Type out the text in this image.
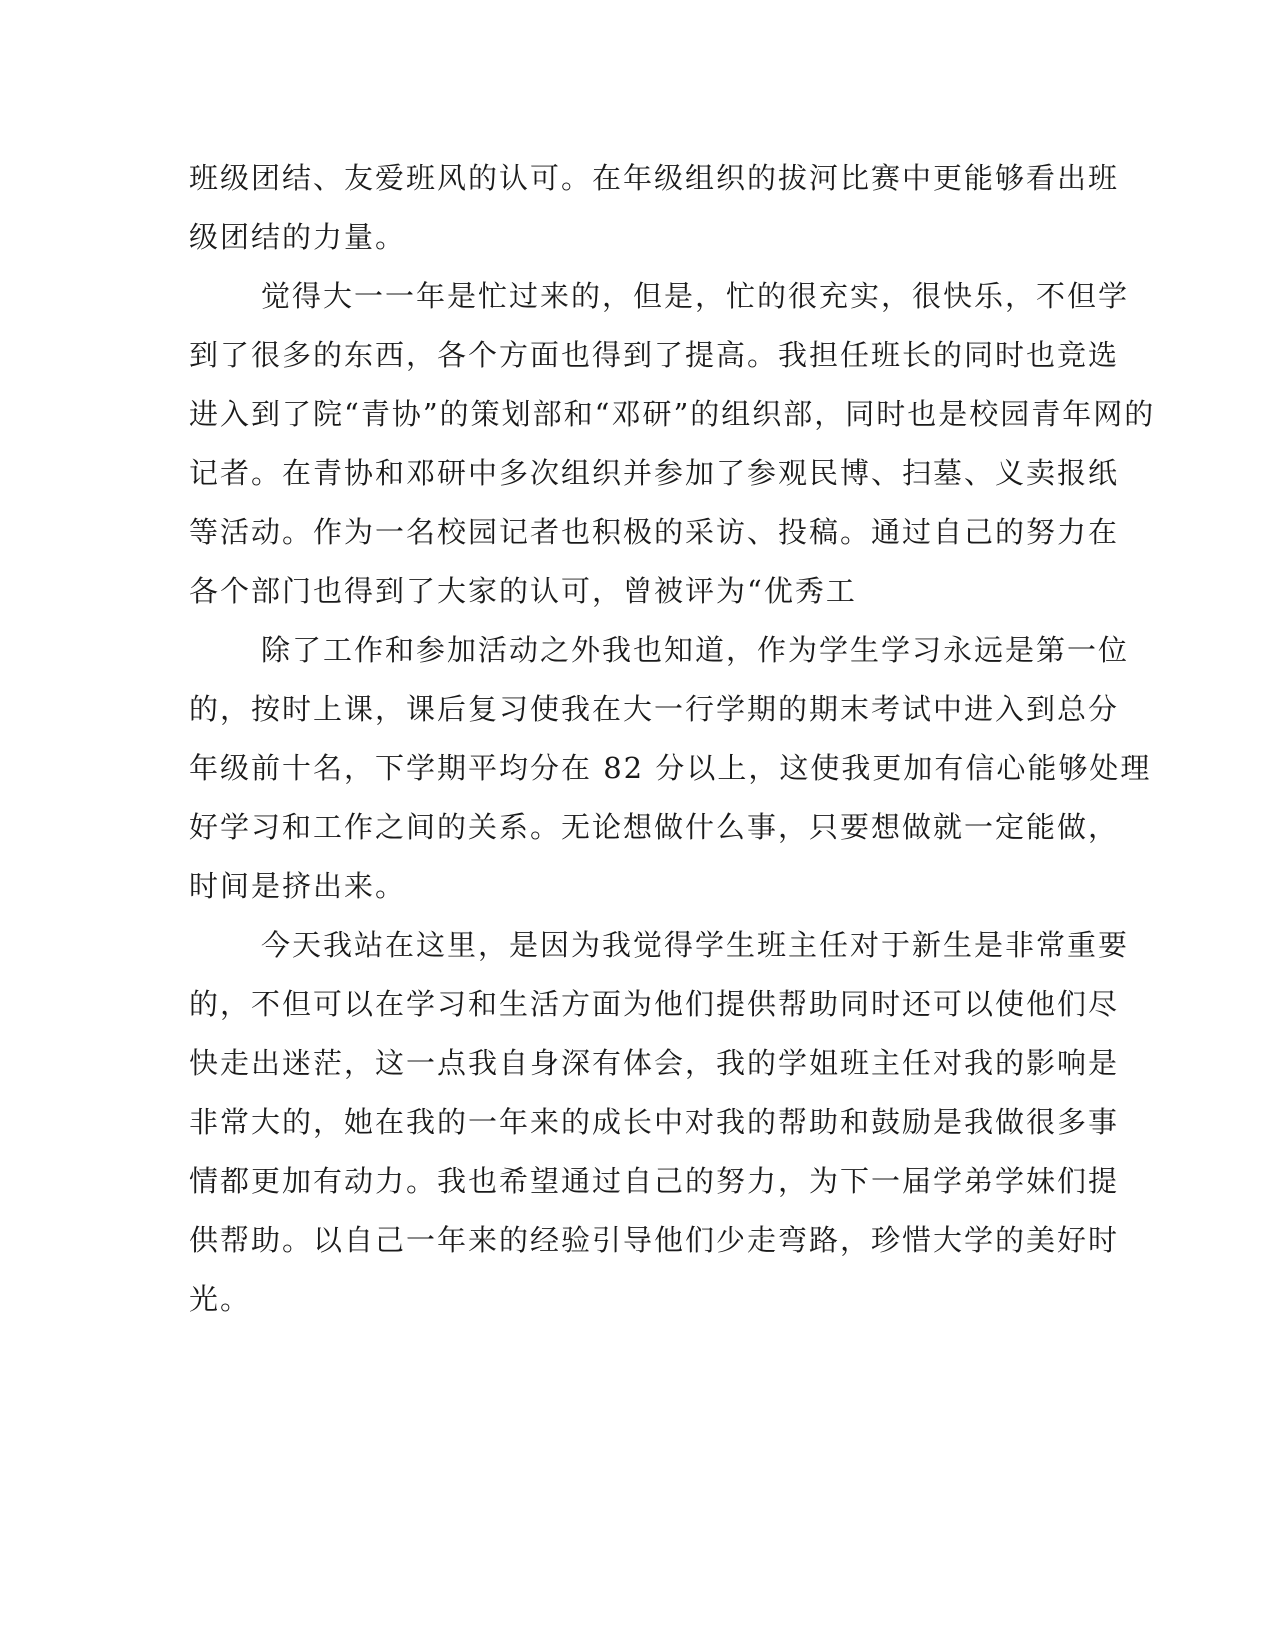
班级团结、友爱班风的认可。在年级组织的拔河比赛中更能够看出班
级团结的力量。
觉得大一一年是忙过来的，但是，忙的很充实，很快乐，不但学
到了很多的东西，各个方面也得到了提高。我担任班长的同时也竞选
进入到了院“青协”的策划部和“邓研”的组织部，同时也是校园青年网的
记者。在青协和邓研中多次组织并参加了参观民博、扫墓、义卖报纸
等活动。作为一名校园记者也积极的采访、投稿。通过自己的努力在
各个部门也得到了大家的认可，曾被评为“优秀工
除了工作和参加活动之外我也知道，作为学生学习永远是第一位
的，按时上课，课后复习使我在大一行学期的期末考试中进入到总分
年级前十名，下学期平均分在 82 分以上，这使我更加有信心能够处理
好学习和工作之间的关系。无论想做什么事，只要想做就一定能做，
时间是挤出来。
今天我站在这里，是因为我觉得学生班主任对于新生是非常重要
的，不但可以在学习和生活方面为他们提供帮助同时还可以使他们尽
快走出迷茫，这一点我自身深有体会，我的学姐班主任对我的影响是
非常大的，她在我的一年来的成长中对我的帮助和鼓励是我做很多事
情都更加有动力。我也希望通过自己的努力，为下一届学弟学妹们提
供帮助。以自己一年来的经验引导他们少走弯路，珍惜大学的美好时
光。
